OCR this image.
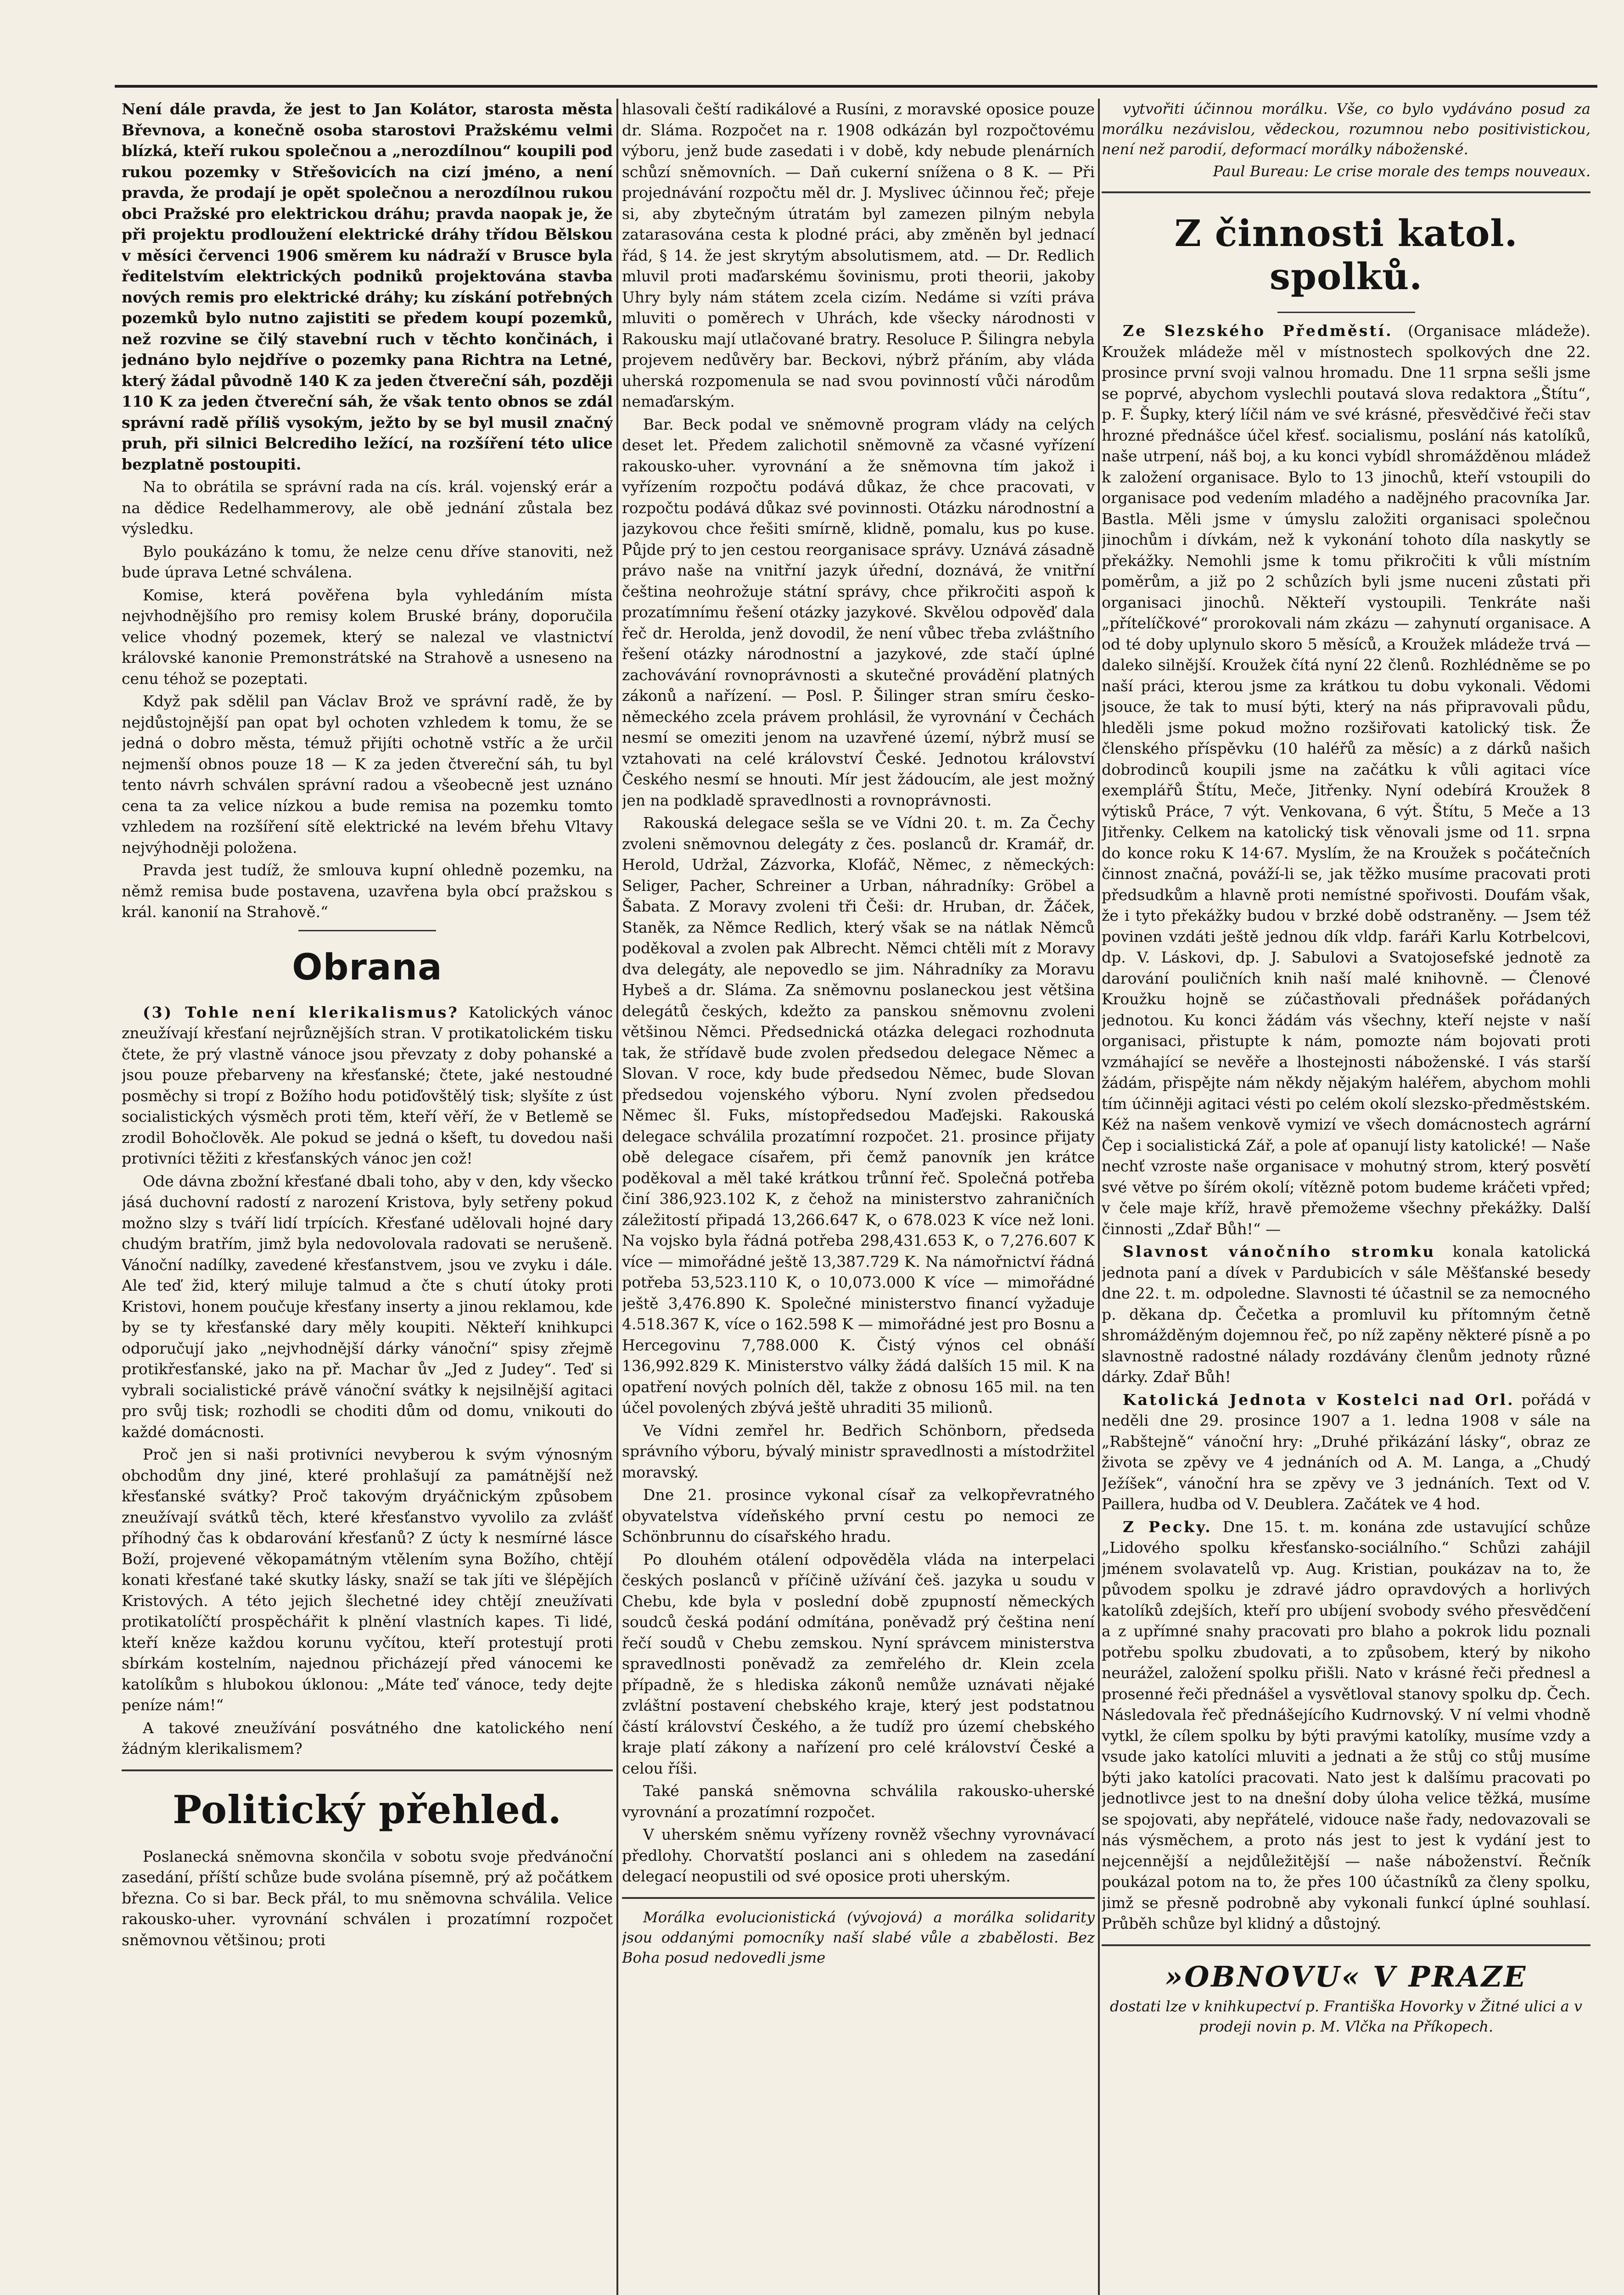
Není dále pravda, že jest to Jan Kolátor, starosta města Břevnova, a konečně osoba starostovi Pražskému velmi blízká, kteří rukou společnou a „nerozdílnou“ koupili pod rukou pozemky v Střešovicích na cizí jméno, a není pravda, že prodají je opět společnou a nerozdílnou rukou obci Pražské pro elektrickou dráhu; pravda naopak je, že při projektu prodloužení elektrické dráhy třídou Bělskou v měsíci červenci 1906 směrem ku nádraží v Brusce byla ředitelstvím elektrických podniků projektována stavba nových remis pro elektrické dráhy; ku získání potřebných pozemků bylo nutno zajistiti se předem koupí pozemků, než rozvine se čilý stavební ruch v těchto končinách, i jednáno bylo nejdříve o pozemky pana Richtra na Letné, který žádal původně 140 K za jeden čtvereční sáh, později 110 K za jeden čtvereční sáh, že však tento obnos se zdál správní radě příliš vysokým, ježto by se byl musil značný pruh, při silnici Belcrediho ležící, na rozšíření této ulice bezplatně postoupiti.

Na to obrátila se správní rada na cís. král. vojenský erár a na dědice Redelhammerovy, ale obě jednání zůstala bez výsledku.

Bylo poukázáno k tomu, že nelze cenu dříve stanoviti, než bude úprava Letné schválena.

Komise, která pověřena byla vyhledáním místa nejvhodnějšího pro remisy kolem Bruské brány, doporučila velice vhodný pozemek, který se nalezal ve vlastnictví královské kanonie Premonstrátské na Strahově a usneseno na cenu téhož se pozeptati.

Když pak sdělil pan Václav Brož ve správní radě, že by nejdůstojnější pan opat byl ochoten vzhledem k tomu, že se jedná o dobro města, témuž přijíti ochotně vstříc a že určil nejmenší obnos pouze 18 — K za jeden čtvereční sáh, tu byl tento návrh schválen správní radou a všeobecně jest uznáno cena ta za velice nízkou a bude remisa na pozemku tomto vzhledem na rozšíření sítě elektrické na levém břehu Vltavy nejvýhodněji položena.

Pravda jest tudíž, že smlouva kupní ohledně pozemku, na němž remisa bude postavena, uzavřena byla obcí pražskou s král. kanonií na Strahově.“

Obrana

(3) Tohle není klerikalismus? Katolických vánoc zneužívají křesťaní nejrůznějších stran. V protikatolickém tisku čtete, že prý vlastně vánoce jsou převzaty z doby pohanské a jsou pouze přebarveny na křesťanské; čtete, jaké nestoudné posměchy si tropí z Božího hodu potiďovštělý tisk; slyšíte z úst socialistických výsměch proti těm, kteří věří, že v Betlemě se zrodil Bohočlověk. Ale pokud se jedná o kšeft, tu dovedou naši protivníci těžiti z křesťanských vánoc jen což!

Ode dávna zbožní křesťané dbali toho, aby v den, kdy všecko jásá duchovní radostí z narození Kristova, byly setřeny pokud možno slzy s tváří lidí trpících. Křesťané udělovali hojné dary chudým bratřím, jimž byla nedovolovala radovati se nerušeně. Vánoční nadílky, zavedené křesťanstvem, jsou ve zvyku i dále. Ale teď žid, který miluje talmud a čte s chutí útoky proti Kristovi, honem poučuje křesťany inserty a jinou reklamou, kde by se ty křesťanské dary měly koupiti. Někteří knihkupci odporučují jako „nejvhodnější dárky vánoční“ spisy zřejmě protikřesťanské, jako na př. Machar ův „Jed z Judey“. Teď si vybrali socialistické právě vánoční svátky k nejsilnější agitaci pro svůj tisk; rozhodli se choditi dům od domu, vnikouti do každé domácnosti.

Proč jen si naši protivníci nevyberou k svým výnosným obchodům dny jiné, které prohlašují za památnější než křesťanské svátky? Proč takovým dryáčnickým způsobem zneužívají svátků těch, které křesťanstvo vyvolilo za zvlášť příhodný čas k obdarování křesťanů? Z úcty k nesmírné lásce Boží, projevené věkopamátným vtělením syna Božího, chtějí konati křesťané také skutky lásky, snaží se tak jíti ve šlépějích Kristových. A této jejich šlechetné idey chtějí zneužívati protikatolíčtí prospěchářit k plnění vlastních kapes. Ti lidé, kteří kněze každou korunu vyčítou, kteří protestují proti sbírkám kostelním, najednou přicházejí před vánocemi ke katolíkům s hlubokou úklonou: „Máte teď vánoce, tedy dejte peníze nám!“

A takové zneužívání posvátného dne katolického není žádným klerikalismem?

Politický přehled.

Poslanecká sněmovna skončila v sobotu svoje předvánoční zasedání, příští schůze bude svolána písemně, prý až počátkem března. Co si bar. Beck přál, to mu sněmovna schválila. Velice rakousko-uher. vyrovnání schválen i prozatímní rozpočet sněmovnou většinou; proti

hlasovali čeští radikálové a Rusíni, z moravské oposice pouze dr. Sláma. Rozpočet na r. 1908 odkázán byl rozpočtovému výboru, jenž bude zasedati i v době, kdy nebude plenárních schůzí sněmovních. — Daň cukerní snížena o 8 K. — Při projednávání rozpočtu měl dr. J. Myslivec účinnou řeč; přeje si, aby zbytečným útratám byl zamezen pilným nebyla zatarasována cesta k plodné práci, aby změněn byl jednací řád, § 14. že jest skrytým absolutismem, atd. — Dr. Redlich mluvil proti maďarskému šovinismu, proti theorii, jakoby Uhry byly nám státem zcela cizím. Nedáme si vzíti práva mluviti o poměrech v Uhrách, kde všecky národnosti v Rakousku mají utlačované bratry. Resoluce P. Šilingra nebyla projevem nedůvěry bar. Beckovi, nýbrž přáním, aby vláda uherská rozpomenula se nad svou povinností vůči národům nemaďarským.

Bar. Beck podal ve sněmovně program vlády na celých deset let. Předem zalichotil sněmovně za včasné vyřízení rakousko-uher. vyrovnání a že sněmovna tím jakož i vyřízením rozpočtu podává důkaz, že chce pracovati, v rozpočtu podává důkaz své povinnosti. Otázku národnostní a jazykovou chce řešiti smírně, klidně, pomalu, kus po kuse. Půjde prý to jen cestou reorganisace správy. Uznává zásadně právo naše na vnitřní jazyk úřední, doznává, že vnitřní čeština neohrožuje státní správy, chce přikročiti aspoň k prozatímnímu řešení otázky jazykové. Skvělou odpověď dala řeč dr. Herolda, jenž dovodil, že není vůbec třeba zvláštního řešení otázky národnostní a jazykové, zde stačí úplné zachovávání rovnoprávnosti a skutečné provádění platných zákonů a nařízení. — Posl. P. Šilinger stran smíru česko-německého zcela právem prohlásil, že vyrovnání v Čechách nesmí se omeziti jenom na uzavřené území, nýbrž musí se vztahovati na celé království České. Jednotou království Českého nesmí se hnouti. Mír jest žádoucím, ale jest možný jen na podkladě spravedlnosti a rovnoprávnosti.

Rakouská delegace sešla se ve Vídni 20. t. m. Za Čechy zvoleni sněmovnou delegáty z čes. poslanců dr. Kramář, dr. Herold, Udržal, Zázvorka, Klofáč, Němec, z německých: Seliger, Pacher, Schreiner a Urban, náhradníky: Gröbel a Šabata. Z Moravy zvoleni tři Češi: dr. Hruban, dr. Žáček, Staněk, za Němce Redlich, který však se na nátlak Němců poděkoval a zvolen pak Albrecht. Němci chtěli mít z Moravy dva delegáty, ale nepovedlo se jim. Náhradníky za Moravu Hybeš a dr. Sláma. Za sněmovnu poslaneckou jest většina delegátů českých, kdežto za panskou sněmovnu zvoleni většinou Němci. Předsednická otázka delegaci rozhodnuta tak, že střídavě bude zvolen předsedou delegace Němec a Slovan. V roce, kdy bude předsedou Němec, bude Slovan předsedou vojenského výboru. Nyní zvolen předsedou Němec šl. Fuks, místopředsedou Maďejski. Rakouská delegace schválila prozatímní rozpočet. 21. prosince přijaty obě delegace císařem, při čemž panovník jen krátce poděkoval a měl také krátkou trůnní řeč. Společná potřeba činí 386,923.102 K, z čehož na ministerstvo zahraničních záležitostí připadá 13,266.647 K, o 678.023 K více než loni. Na vojsko byla řádná potřeba 298,431.653 K, o 7,276.607 K více — mimořádné ještě 13,387.729 K. Na námořnictví řádná potřeba 53,523.110 K, o 10,073.000 K více — mimořádné ještě 3,476.890 K. Společné ministerstvo financí vyžaduje 4.518.367 K, více o 162.598 K — mimořádné jest pro Bosnu a Hercegovinu 7,788.000 K. Čistý výnos cel obnáší 136,992.829 K. Ministerstvo války žádá dalších 15 mil. K na opatření nových polních děl, takže z obnosu 165 mil. na ten účel povolených zbývá ještě uhraditi 35 milionů.

Ve Vídni zemřel hr. Bedřich Schönborn, předseda správního výboru, bývalý ministr spravedlnosti a místodržitel moravský.

Dne 21. prosince vykonal císař za velkopřevratného obyvatelstva vídeňského první cestu po nemoci ze Schönbrunnu do císařského hradu.

Po dlouhém otálení odpověděla vláda na interpelaci českých poslanců v příčině užívání češ. jazyka u soudu v Chebu, kde byla v poslední době zpupností německých soudců česká podání odmítána, poněvadž prý čeština není řečí soudů v Chebu zemskou. Nyní správcem ministerstva spravedlnosti poněvadž za zemřelého dr. Klein zcela případně, že s hlediska zákonů nemůže uznávati nějaké zvláštní postavení chebského kraje, který jest podstatnou částí království Českého, a že tudíž pro území chebského kraje platí zákony a nařízení pro celé království České a celou říši.

Také panská sněmovna schválila rakousko-uherské vyrovnání a prozatímní rozpočet.

V uherském sněmu vyřízeny rovněž všechny vyrovnávací předlohy. Chorvatští poslanci ani s ohledem na zasedání delegací neopustili od své oposice proti uherským.

Morálka evolucionistická (vývojová) a morálka solidarity jsou oddanými pomocníky naší slabé vůle a zbabělosti. Bez Boha posud nedovedli jsme

vytvořiti účinnou morálku. Vše, co bylo vydáváno posud za morálku nezávislou, vědeckou, rozumnou nebo positivistickou, není než parodií, deformací morálky náboženské.

Paul Bureau: Le crise morale des temps nouveaux.

Z činnosti katol. spolků.

Ze Slezského Předměstí. (Organisace mládeže). Kroužek mládeže měl v místnostech spolkových dne 22. prosince první svoji valnou hromadu. Dne 11 srpna sešli jsme se poprvé, abychom vyslechli poutavá slova redaktora „Štítu“, p. F. Šupky, který líčil nám ve své krásné, přesvědčivé řeči stav hrozné přednášce účel křesť. socialismu, poslání nás katolíků, naše utrpení, náš boj, a ku konci vybídl shromážděnou mládež k založení organisace. Bylo to 13 jinochů, kteří vstoupili do organisace pod vedením mladého a nadějného pracovníka Jar. Bastla. Měli jsme v úmyslu založiti organisaci společnou jinochům i dívkám, než k vykonání tohoto díla naskytly se překážky. Nemohli jsme k tomu přikročiti k vůli místním poměrům, a již po 2 schůzích byli jsme nuceni zůstati při organisaci jinochů. Někteří vystoupili. Tenkráte naši „přítelíčkové“ prorokovali nám zkázu — zahynutí organisace. A od té doby uplynulo skoro 5 měsíců, a Kroužek mládeže trvá — daleko silnější. Kroužek čítá nyní 22 členů. Rozhlédněme se po naší práci, kterou jsme za krátkou tu dobu vykonali. Vědomi jsouce, že tak to musí býti, který na nás připravovali půdu, hleděli jsme pokud možno rozšiřovati katolický tisk. Že členského příspěvku (10 haléřů za měsíc) a z dárků našich dobrodinců koupili jsme na začátku k vůli agitaci více exemplářů Štítu, Meče, Jitřenky. Nyní odebírá Kroužek 8 výtisků Práce, 7 výt. Venkovana, 6 výt. Štítu, 5 Meče a 13 Jitřenky. Celkem na katolický tisk věnovali jsme od 11. srpna do konce roku K 14·67. Myslím, že na Kroužek s počátečních činnost značná, pováží-li se, jak těžko musíme pracovati proti předsudkům a hlavně proti nemístné spořivosti. Doufám však, že i tyto překážky budou v brzké době odstraněny. — Jsem též povinen vzdáti ještě jednou dík vldp. faráři Karlu Kotrbelcovi, dp. V. Láskovi, dp. J. Sabulovi a Svatojosefské jednotě za darování pouličních knih naší malé knihovně. — Členové Kroužku hojně se zúčastňovali přednášek pořádaných jednotou. Ku konci žádám vás všechny, kteří nejste v naší organisaci, přistupte k nám, pomozte nám bojovati proti vzmáhající se nevěře a lhostejnosti náboženské. I vás starší žádám, přispějte nám někdy nějakým haléřem, abychom mohli tím účinněji agitaci vésti po celém okolí slezsko-předměstském. Kéž na našem venkově vymizí ve všech domácnostech agrární Čep i socialistická Zář, a pole ať opanují listy katolické! — Naše nechť vzroste naše organisace v mohutný strom, který posvětí své větve po šírém okolí; vítězně potom budeme kráčeti vpřed; v čele maje kříž, hravě přemožeme všechny překážky. Další činnosti „Zdař Bůh!“ —

Slavnost vánočního stromku konala katolická jednota paní a dívek v Pardubicích v sále Měšťanské besedy dne 22. t. m. odpoledne. Slavnosti té účastnil se za nemocného p. děkana dp. Čečetka a promluvil ku přítomným četně shromážděným dojemnou řeč, po níž zapěny některé písně a po slavnostně radostné nálady rozdávány členům jednoty různé dárky. Zdař Bůh!

Katolická Jednota v Kostelci nad Orl. pořádá v neděli dne 29. prosince 1907 a 1. ledna 1908 v sále na „Rabštejně“ vánoční hry: „Druhé přikázání lásky“, obraz ze života se zpěvy ve 4 jednáních od A. M. Langa, a „Chudý Ježíšek“, vánoční hra se zpěvy ve 3 jednáních. Text od V. Paillera, hudba od V. Deublera. Začátek ve 4 hod.

Z Pecky. Dne 15. t. m. konána zde ustavující schůze „Lidového spolku křesťansko-sociálního.“ Schůzi zahájil jménem svolavatelů vp. Aug. Kristian, poukázav na to, že původem spolku je zdravé jádro opravdových a horlivých katolíků zdejších, kteří pro ubíjení svobody svého přesvědčení a z upřímné snahy pracovati pro blaho a pokrok lidu poznali potřebu spolku zbudovati, a to způsobem, který by nikoho neurážel, založení spolku přišli. Nato v krásné řeči přednesl a prosenné řeči přednášel a vysvětloval stanovy spolku dp. Čech. Následovala řeč přednášejícího Kudrnovský. V ní velmi vhodně vytkl, že cílem spolku by býti pravými katolíky, musíme vzdy a vsude jako katolíci mluviti a jednati a že stůj co stůj musíme býti jako katolíci pracovati. Nato jest k dalšímu pracovati po jednotlivce jest to na dnešní doby úloha velice těžká, musíme se spojovati, aby nepřátelé, vidouce naše řady, nedovazovali se nás výsměchem, a proto nás jest to jest k vydání jest to nejcennější a nejdůležitější — naše náboženství. Řečník poukázal potom na to, že přes 100 účastníků za členy spolku, jimž se přesně podrobně aby vykonali funkcí úplné souhlasí. Průběh schůze byl klidný a důstojný.

»OBNOVU« V PRAZE
dostati lze v knihkupectví p. Františka Hovorky v Žitné ulici a v prodeji novin p. M. Vlčka na Příkopech.
